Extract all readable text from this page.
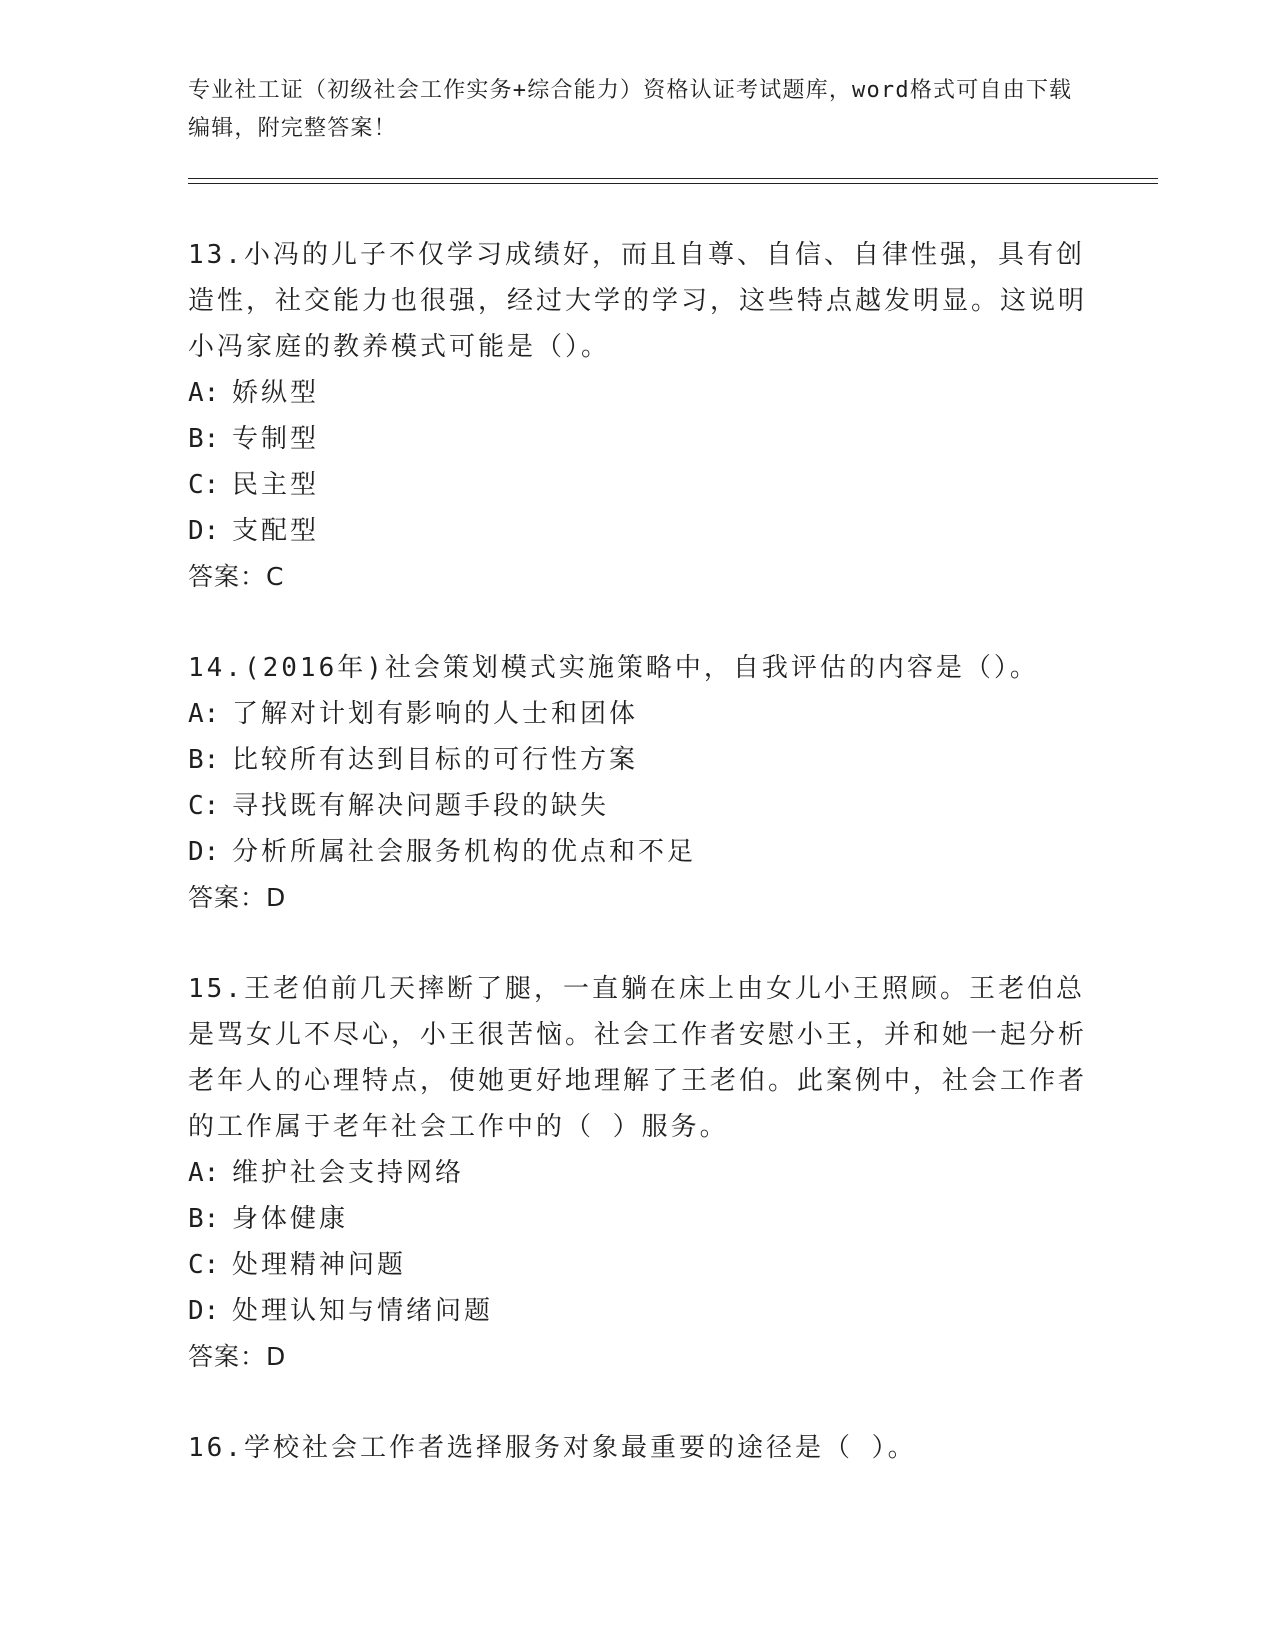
专业社工证（初级社会工作实务+综合能力）资格认证考试题库，word格式可自由下载编辑，附完整答案！

13.小冯的儿子不仅学习成绩好，而且自尊、自信、自律性强，具有创造性，社交能力也很强，经过大学的学习，这些特点越发明显。这说明小冯家庭的教养模式可能是（）。

A: 娇纵型

B: 专制型

C: 民主型

D: 支配型

答案：C

14.(2016年)社会策划模式实施策略中，自我评估的内容是（）。

A: 了解对计划有影响的人士和团体

B: 比较所有达到目标的可行性方案

C: 寻找既有解决问题手段的缺失

D: 分析所属社会服务机构的优点和不足

答案：D

15.王老伯前几天摔断了腿，一直躺在床上由女儿小王照顾。王老伯总是骂女儿不尽心，小王很苦恼。社会工作者安慰小王，并和她一起分析老年人的心理特点，使她更好地理解了王老伯。此案例中，社会工作者的工作属于老年社会工作中的（ ）服务。

A: 维护社会支持网络

B: 身体健康

C: 处理精神问题

D: 处理认知与情绪问题

答案：D

16.学校社会工作者选择服务对象最重要的途径是（ ）。
